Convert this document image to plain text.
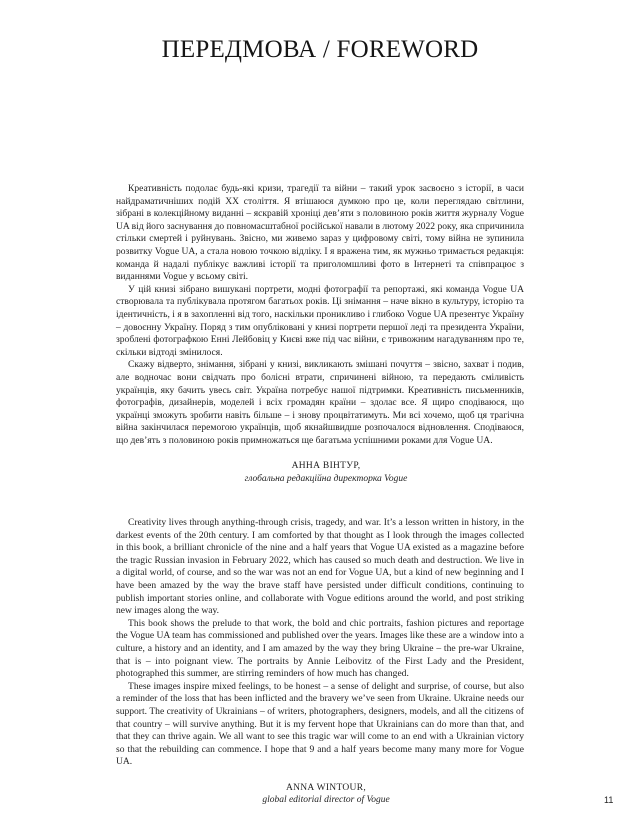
ПЕРЕДМОВА / FOREWORD

Креативність подолає будь-які кризи, трагедії та війни – такий урок засвоєно з історії, в часи найдраматичніших подій XX століття. Я втішаюся думкою про це, коли переглядаю світлини, зібрані в колекційному виданні – яскравій хроніці дев’яти з половиною років життя журналу Vogue UA від його заснування до повномасштабної російської навали в лютому 2022 року, яка спричинила стільки смертей і руйнувань. Звісно, ми живемо зараз у цифровому світі, тому війна не зупинила розвитку Vogue UA, а стала новою точкою відліку. І я вражена тим, як мужньо тримається редакція: команда й надалі публікує важливі історії та приголомшливі фото в Інтернеті та співпрацює з виданнями Vogue у всьому світі.

У цій книзі зібрано вишукані портрети, модні фотографії та репортажі, які команда Vogue UA створювала та публікувала протягом багатьох років. Ці знімання – наче вікно в культуру, історію та ідентичність, і я в захопленні від того, наскільки проникливо і глибоко Vogue UA презентує Україну – довоєнну Україну. Поряд з тим опубліковані у книзі портрети першої леді та президента України, зроблені фотографкою Енні Лейбовіц у Києві вже під час війни, є тривожним нагадуванням про те, скільки відтоді змінилося.

Скажу відверто, знімання, зібрані у книзі, викликають змішані почуття – звісно, захват і подив, але водночас вони свідчать про болісні втрати, спричинені війною, та передають сміливість українців, яку бачить увесь світ. Україна потребує нашої підтримки. Креативність письменників, фотографів, дизайнерів, моделей і всіх громадян країни – здолає все. Я щиро сподіваюся, що українці зможуть зробити навіть більше – і знову процвітатимуть. Ми всі хочемо, щоб ця трагічна війна закінчилася перемогою українців, щоб якнайшвидше розпочалося відновлення. Сподіваюся, що дев’ять з половиною років примножаться ще багатьма успішними роками для Vogue UA.

АННА ВІНТУР,
глобальна редакційна директорка Vogue

Creativity lives through anything-through crisis, tragedy, and war. It’s a lesson written in history, in the darkest events of the 20th century. I am comforted by that thought as I look through the images collected in this book, a brilliant chronicle of the nine and a half years that Vogue UA existed as a magazine before the tragic Russian invasion in February 2022, which has caused so much death and destruction. We live in a digital world, of course, and so the war was not an end for Vogue UA, but a kind of new beginning and I have been amazed by the way the brave staff have persisted under difficult conditions, continuing to publish important stories online, and collaborate with Vogue editions around the world, and post striking new images along the way.

This book shows the prelude to that work, the bold and chic portraits, fashion pictures and reportage the Vogue UA team has commissioned and published over the years. Images like these are a window into a culture, a history and an identity, and I am amazed by the way they bring Ukraine – the pre-war Ukraine, that is – into poignant view. The portraits by Annie Leibovitz of the First Lady and the President, photographed this summer, are stirring reminders of how much has changed.

These images inspire mixed feelings, to be honest – a sense of delight and surprise, of course, but also a reminder of the loss that has been inflicted and the bravery we’ve seen from Ukraine. Ukraine needs our support. The creativity of Ukrainians – of writers, photographers, designers, models, and all the citizens of that country – will survive anything. But it is my fervent hope that Ukrainians can do more than that, and that they can thrive again. We all want to see this tragic war will come to an end with a Ukrainian victory so that the rebuilding can commence. I hope that 9 and a half years become many many more for Vogue UA.

ANNA WINTOUR,
global editorial director of Vogue	11
